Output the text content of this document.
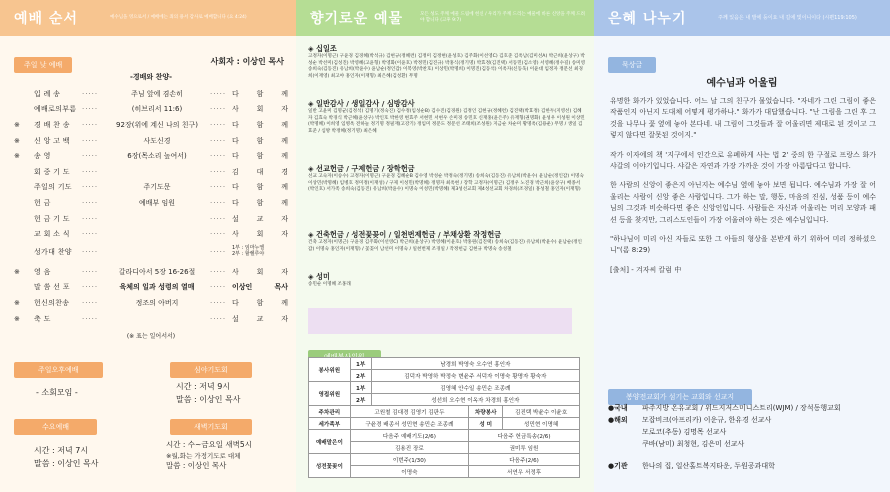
예배 순서	예수님을 영으로서 / 예배에는 죄의 용서 감사로 예배합니다 (요 4:24)
주일 낮 예배	사회자 : 이상인 목사
-경배와 찬양-
입 례 송	·····	주님 앞에 겸손히	····· 다 함 께
예배로의부름 ·····	(히브리서 11:6)	····· 사 회 자
※	경 배 찬 송	·····	92장(위에 계신 나의 친구)	····· 다 함 께
※	신 앙 고 백	·····	사도신경	····· 다 함 께
※	송 영	·····	6장(목소리 높여서)	····· 다 함 께
회 중 기 도	·····	····· 김 대 경
주일의 기도	·····	주기도문	····· 다 함 께
헌 금	·····	예배부 임원	····· 다 함 께
헌 금 기 도	·····	····· 설 교 자
교 회 소 식	·····	····· 사 회 자
성가대 찬양	·····	·····	1부 : 임마누엘
2부 : 할렐루야
※	영 음	·····	갈라디아서 5장 16-26절	····· 사 회 자
말 씀 선 포	·····	육체의 일과 성령의 열매	····· 이상인 목사
※	헌신의찬송	·····	정조의 아버지	····· 다 함 께
※	축 도	·····	····· 설 교 자
(※ 표는 일어서서)
주일오후예배
- 소회모임 -
심야기도회
시간 : 저녁 9시
말씀 : 이상인 목사
수요예배
시간 : 저녁 7시
말씀 : 이상인 목사
새벽기도회
시간 : 수~금요일 새벽5시
※월,화는 가정기도로 대체
말씀 : 이상인 목사
향기로운 예물	모든 성도 주께 예물 드림에 헌신 / 우리가 주께 드리는 예물에 바른 신앙을 주께 드려야 합니다 (고후 9:7)
◈ 십일조

고정자(이명근) 구윤경 김경혜(박석규) 김현규(정혜련) 김정미 김정현(윤성호) 김주화(이선영C) 김호준 김옥남(김미선A) 박근희(윤상구) 박성순 박선미(김성진) 박영혜(고윤형) 박영화(이윤호) 박정민(김진규) 박홍식(정기명) 박효정(김진택) 서동민(김소영) 서영혜(정수길) 송미영 송희숙(김동진) 유남희(박윤수) 윤남순(정인갑) 이복영(박찬호) 이상민(박명희) 이명진(김동석) 이옥자(신동욱) 이윤대 임정자 정문선 최경희(이재영) 최고야 홍인자(이재형) 최은혜(김성환) 무명

◈ 일반감사 / 생일감사 / 심방감사

일반 고윤미 김명균(김정석) 김명기(정숙진) 김수정(임성순B) 김수진(김경원) 김정인 김현규(정혜련) 김진택(박효정) 김한두(지영선) 김혜자 김효숙 박경식 박근혜(윤상구) 박인호 박한영 변효주 서현민 서현우 손미경 송민호 신재홍(윤은주) 유재형(권명화) 윤성우 이성원 이상민(박명혜) 이희영 임병옥 전하늘 정기명 정필재(고강기) 정임미 정문도 정문선 조태희(조성원) 지금순 차순미 황명옥(김용운) 무명 / 생일 김효준 / 심방 박정혜(정기명) 최은혜

◈ 선교헌금 / 구제헌금 / 장학헌금

선교 고숙자(이승수) 고정자(이명근) 구윤경 김혜순B 김수영 박성순 박정숙(정기명) 송희숙(김동진) 유남희(박윤수) 윤남순(정인갑) 이명숙 이상민(박명혜) 임병호 정미정(이재성) / 구제 이성민(박명혜) 정명자 최옥현 / 장학 고정자(이명근) 김정우 노진경 박근희(윤상구) 배종서(박인호) 서가족 송희숙(김동진) 유남희(박윤수) 이명숙 이성민(박명혜) 제3성선교회 제4성선교회 차경희(조경일) 홍성철 홍인자(이재형)

◈ 건축헌금 / 성전꽃꽂이 / 일천번제헌금 / 부채상환 작정헌금

건축 고정자(이명근) 구윤경 김주화(이선영C) 박근희(윤상구) 박영혜(이윤호) 박홍원(김진택) 송희숙(김동진) 유남희(박윤수) 윤남순(정인갑) 이명숙 홍인자(이재형) / 꽃꽂이 남선미 이명숙 / 일천번제 조경일 / 작정헌금 김현규 박명숙 송성철

◈ 성미

송민순 이명혜 조홍래

봉사위원	1부	남경희 박영숙 오수연 홍인자		
	2부	김덕자 박영하 박정숙 변윤주 서덕자 이명숙 황명자 황숙자		
영접위원	1부	김영혜 안수일 송민순 조종례		
	2부	성선희 오수현 이옥자 차경희 홍인자		
주차관리	고원철 김대경 김영기 김판두		차량봉사	김진택 박윤수 이윤호
세가족부	구윤경 배종서 성민현 송민순 조종례		성 미	성민현 이명혜
예배말은이	다음주 예배기도(2/6)		다음주 헌금특송(2/6)	
	김용진 장로		권미투 임원	
성전꽃꽂이	이번주(1/30)		다음주(2/6)	
	이명숙		서연우 서정후	
은혜 나누기	주께 있음은 내 발에 등이요 내 길에 빛이니이다 (시편119:105)
묵상글
예수님과 어울림

유명한 화가가 있었습니다. 어느 날 그의 친구가 물었습니다. "자네가 그린 그림이 좋은 작품인지 아닌지 도대체 어떻게 평가하나." 화가가 대답했습니다. "난 그림을 그린 후 그것을 나무나 꽃 옆에 놓아 본다네. 내 그림이 그것들과 잘 어울리면 제대로 된 것이고 그렇지 않다면 잘못된 것이지."

작가 이자에의 책 '지구에서 인간으로 유폐하게 사는 법 2' 중의 한 구절로 프랑스 화가 샤갈의 이야기입니다. 샤갈은 자연과 가장 가까운 것이 가장 아름답다고 합니다.

한 사람의 신앙이 좋은지 아닌지는 예수님 옆에 놓아 보면 됩니다. 예수님과 가장 잘 어울리는 사람이 신앙 좋은 사람입니다. 그가 하는 말, 행동, 마음의 진심, 성품 등이 예수님의 그것과 비슷하다면 좋은 신앙인입니다. 사람들은 자신과 어울리는 머리 모양과 패션 등을 찾지만, 그리스도인들이 가장 어울려야 하는 것은 예수님입니다.

"하나님이 미리 아신 자들로 또한 그 아들의 형상을 본받게 하기 위하여 미리 정하셨으니"(롬 8:29)

[출처] - 겨자씨 칼럼 中

봉양전교회가 섬기는 교회와 선교지
●국내	파주지방 온유교회 / 위드지저스미니스트리(WJM) / 장석동행교회
●해외	모잡비크(아프리카) 이운규, 한유경 선교사
모로코(추동) 김명목 선교사
쿠바(남미) 최청현, 김은미 선교사
●기관	한나의 집, 일산홀트복지타운, 두원공과대학
